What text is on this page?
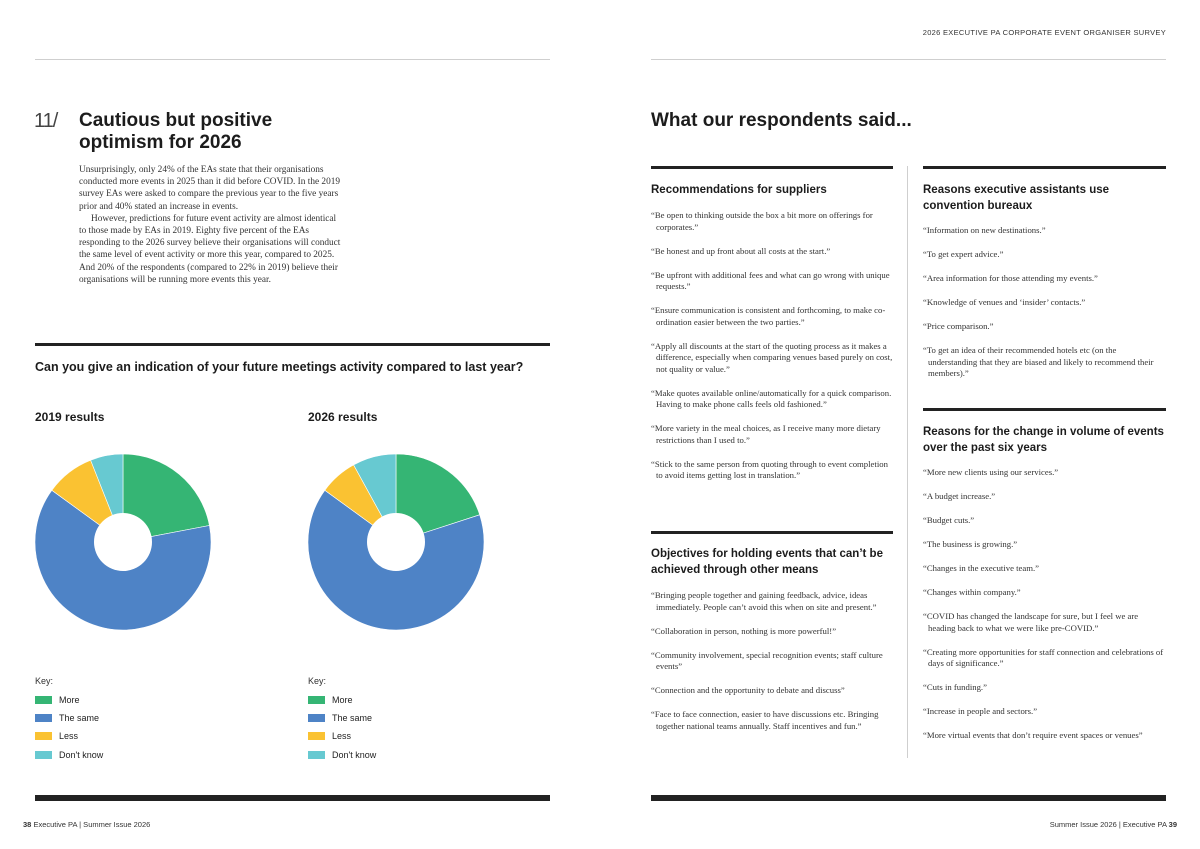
2026 EXECUTIVE PA CORPORATE EVENT ORGANISER SURVEY
11/ Cautious but positive optimism for 2026

Unsurprisingly, only 24% of the EAs state that their organisations conducted more events in 2025 than it did before COVID. In the 2019 survey EAs were asked to compare the previous year to the five years prior and 40% stated an increase in events.

However, predictions for future event activity are almost identical to those made by EAs in 2019. Eighty five percent of the EAs responding to the 2026 survey believe their organisations will conduct the same level of event activity or more this year, compared to 2025. And 20% of the respondents (compared to 22% in 2019) believe their organisations will be running more events this year.

Can you give an indication of your future meetings activity compared to last year?
2019 results
Key:
More
The same
Less
Don't know
2026 results
Key:
More
The same
Less
Don't know
38 Executive PA | Summer Issue 2026
What our respondents said...
Recommendations for suppliers

“Be open to thinking outside the box a bit more on offerings for corporates.”

“Be honest and up front about all costs at the start.”

“Be upfront with additional fees and what can go wrong with unique requests.”

“Ensure communication is consistent and forthcoming, to make co-ordination easier between the two parties.”

“Apply all discounts at the start of the quoting process as it makes a difference, especially when comparing venues based purely on cost, not quality or value.”

“Make quotes available online/automatically for a quick comparison. Having to make phone calls feels old fashioned.”

“More variety in the meal choices, as I receive many more dietary restrictions than I used to.”

“Stick to the same person from quoting through to event completion to avoid items getting lost in translation.”

Objectives for holding events that can’t be achieved through other means

“Bringing people together and gaining feedback, advice, ideas immediately. People can’t avoid this when on site and present.”

“Collaboration in person, nothing is more powerful!”

“Community involvement, special recognition events; staff culture events”

“Connection and the opportunity to debate and discuss”

“Face to face connection, easier to have discussions etc. Bringing together national teams annually. Staff incentives and fun.”

Reasons executive assistants use convention bureaux

“Information on new destinations.”

“To get expert advice.”

“Area information for those attending my events.”

“Knowledge of venues and ‘insider’ contacts.”

“Price comparison.”

“To get an idea of their recommended hotels etc (on the understanding that they are biased and likely to recommend their members).”

Reasons for the change in volume of events over the past six years

“More new clients using our services.”

“A budget increase.”

“Budget cuts.”

“The business is growing.”

“Changes in the executive team.”

“Changes within company.”

“COVID has changed the landscape for sure, but I feel we are heading back to what we were like pre-COVID.”

“Creating more opportunities for staff connection and celebrations of days of significance.”

“Cuts in funding.”

“Increase in people and sectors.”

“More virtual events that don’t require event spaces or venues”

Summer Issue 2026 | Executive PA 39
